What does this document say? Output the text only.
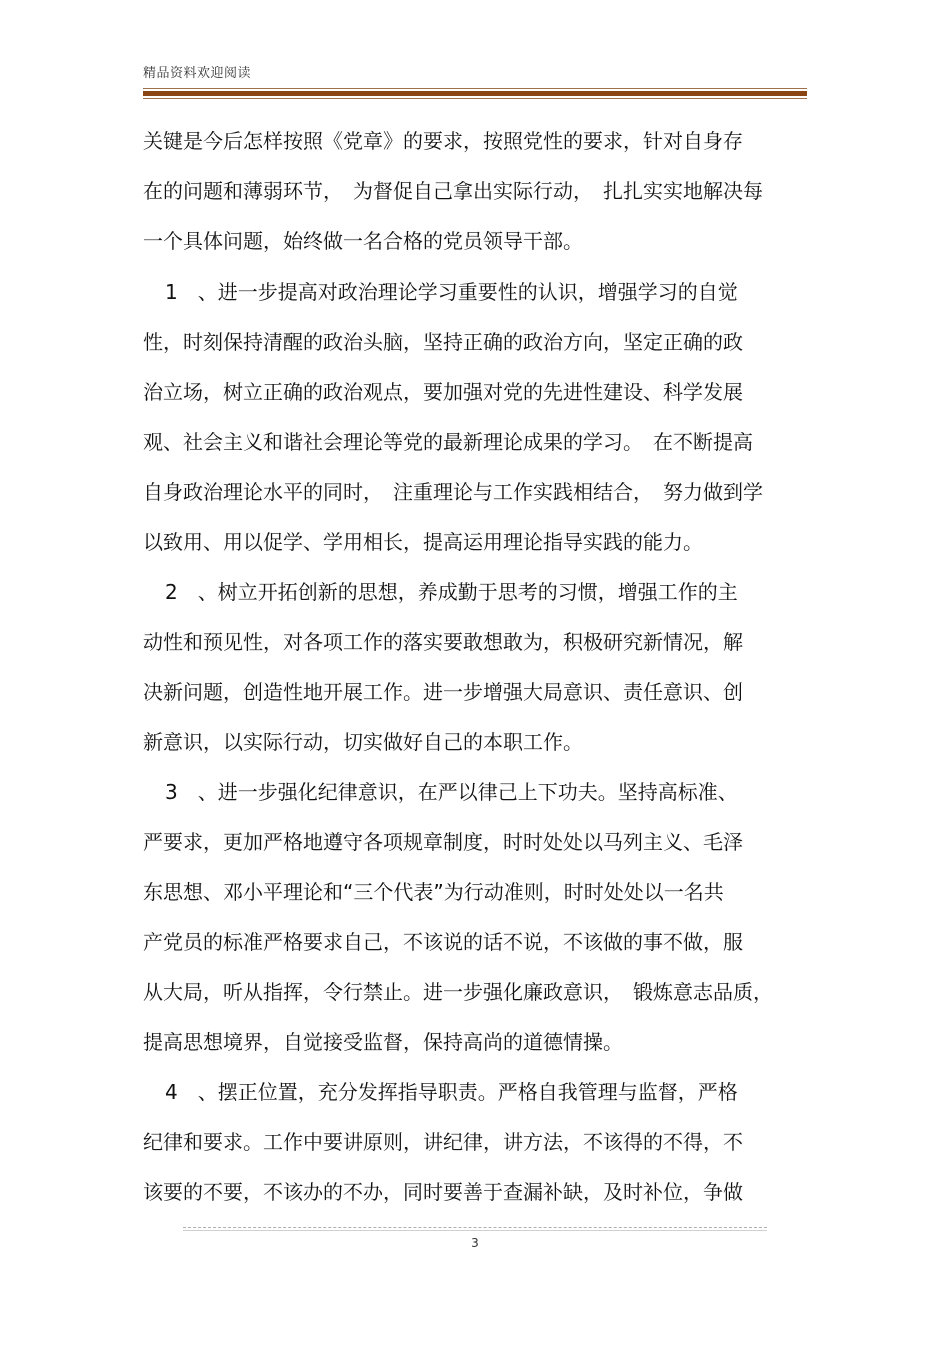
精品资料欢迎阅读
关键是今后怎样按照《党章》的要求，按照党性的要求，针对自身存
在的问题和薄弱环节，　为督促自己拿出实际行动，　扎扎实实地解决每
一个具体问题，始终做一名合格的党员领导干部。
1　、进一步提高对政治理论学习重要性的认识，增强学习的自觉
性，时刻保持清醒的政治头脑，坚持正确的政治方向，坚定正确的政
治立场，树立正确的政治观点，要加强对党的先进性建设、科学发展
观、社会主义和谐社会理论等党的最新理论成果的学习。　在不断提高
自身政治理论水平的同时，　注重理论与工作实践相结合，　努力做到学
以致用、用以促学、学用相长，提高运用理论指导实践的能力。
2　、树立开拓创新的思想，养成勤于思考的习惯，增强工作的主
动性和预见性，对各项工作的落实要敢想敢为，积极研究新情况，解
决新问题，创造性地开展工作。进一步增强大局意识、责任意识、创
新意识，以实际行动，切实做好自己的本职工作。
3　、进一步强化纪律意识，在严以律己上下功夫。坚持高标准、
严要求，更加严格地遵守各项规章制度，时时处处以马列主义、毛泽
东思想、邓小平理论和“三个代表”为行动准则，时时处处以一名共
产党员的标准严格要求自己，不该说的话不说，不该做的事不做，服
从大局，听从指挥，令行禁止。进一步强化廉政意识，　锻炼意志品质，
提高思想境界，自觉接受监督，保持高尚的道德情操。
4　、摆正位置，充分发挥指导职责。严格自我管理与监督，严格
纪律和要求。工作中要讲原则，讲纪律，讲方法，不该得的不得，不
该要的不要，不该办的不办，同时要善于查漏补缺，及时补位，争做
3
